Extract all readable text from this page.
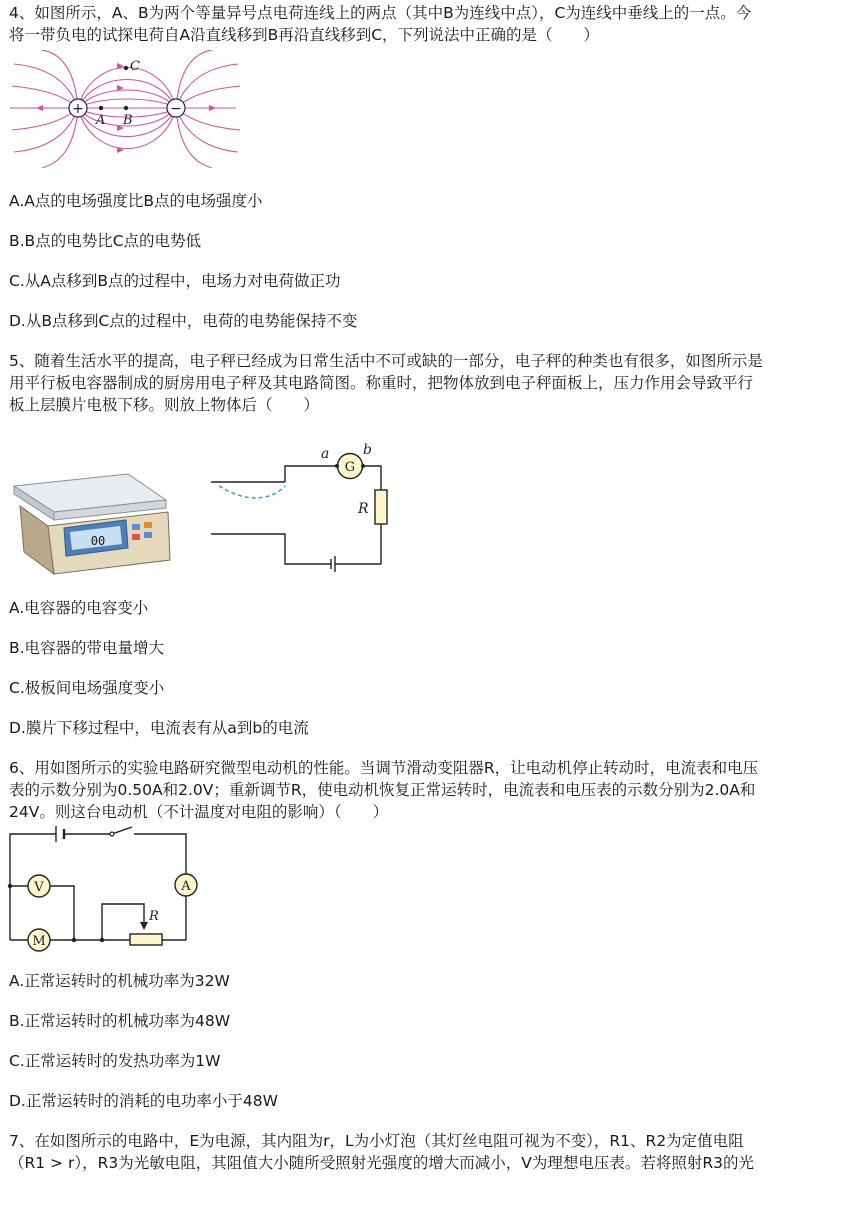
4、如图所示，A、B为两个等量异号点电荷连线上的两点（其中B为连线中点），C为连线中垂线上的一点。今
将一带负电的试探电荷自A沿直线移到B再沿直线移到C，下列说法中正确的是（　　）

+	−
A B
C

A.A点的电场强度比B点的电场强度小

B.B点的电势比C点的电势低

C.从A点移到B点的过程中，电场力对电荷做正功

D.从B点移到C点的过程中，电荷的电势能保持不变

5、随着生活水平的提高，电子秤已经成为日常生活中不可或缺的一部分，电子秤的种类也有很多，如图所示是
用平行板电容器制成的厨房用电子秤及其电路简图。称重时，把物体放到电子秤面板上，压力作用会导致平行
板上层膜片电极下移。则放上物体后（　　）

00
G
a b
R

A.电容器的电容变小

B.电容器的带电量增大

C.极板间电场强度变小

D.膜片下移过程中，电流表有从a到b的电流

6、用如图所示的实验电路研究微型电动机的性能。当调节滑动变阻器R，让电动机停止转动时，电流表和电压
表的示数分别为0.50A和2.0V；重新调节R，使电动机恢复正常运转时，电流表和电压表的示数分别为2.0A和
24V。则这台电动机（不计温度对电阻的影响）（　　）

R
V	A
M

A.正常运转时的机械功率为32W

B.正常运转时的机械功率为48W

C.正常运转时的发热功率为1W

D.正常运转时的消耗的电功率小于48W

7、在如图所示的电路中，E为电源，其内阻为r，L为小灯泡（其灯丝电阻可视为不变），R1、R2为定值电阻
（R1 > r），R3为光敏电阻，其阻值大小随所受照射光强度的增大而减小，V为理想电压表。若将照射R3的光
